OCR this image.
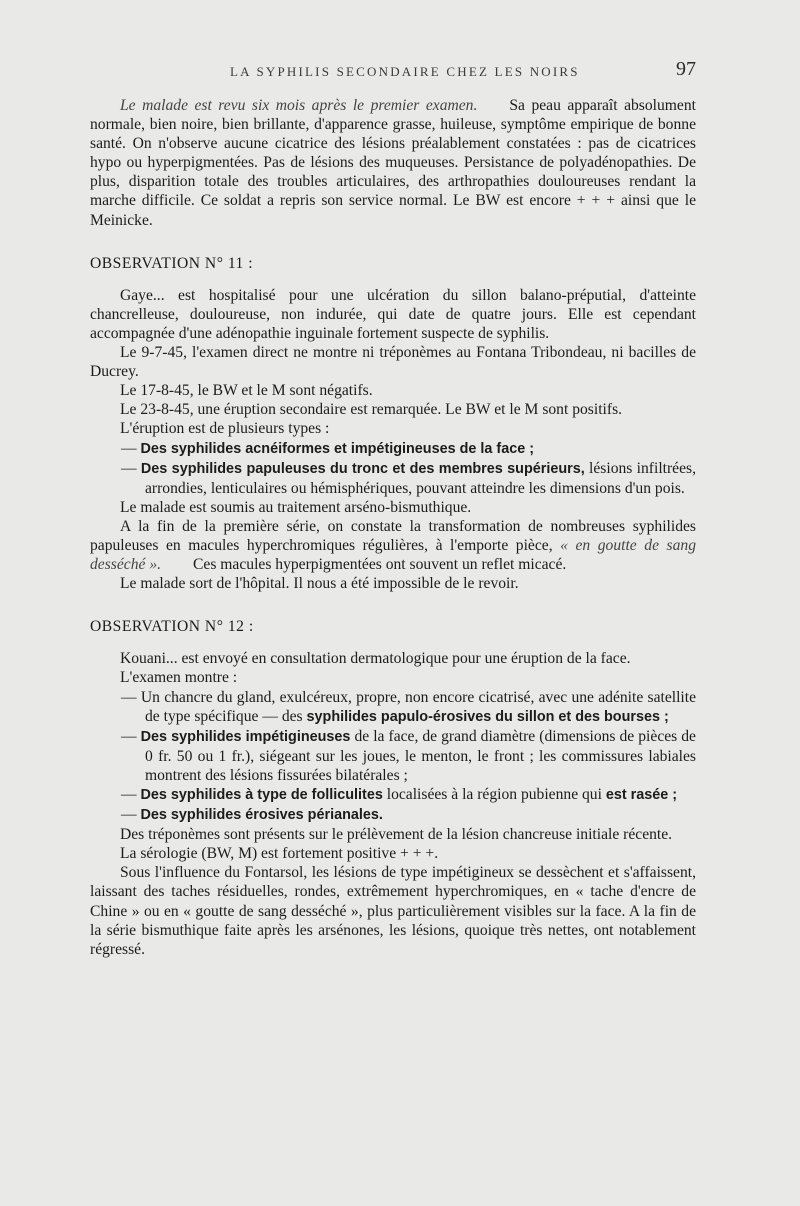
LA SYPHILIS SECONDAIRE CHEZ LES NOIRS	97

Le malade est revu six mois après le premier examen. Sa peau apparaît absolument normale, bien noire, bien brillante, d'apparence grasse, huileuse, symptôme empirique de bonne santé. On n'observe aucune cicatrice des lésions préalablement constatées : pas de cicatrices hypo ou hyperpigmentées. Pas de lésions des muqueuses. Persistance de polyadénopathies. De plus, disparition totale des troubles articulaires, des arthropathies douloureuses rendant la marche difficile. Ce soldat a repris son service normal. Le BW est encore + + + ainsi que le Meinicke.

OBSERVATION N° 11 :

Gaye... est hospitalisé pour une ulcération du sillon balano-préputial, d'atteinte chancrelleuse, douloureuse, non indurée, qui date de quatre jours. Elle est cependant accompagnée d'une adénopathie inguinale fortement suspecte de syphilis.

Le 9-7-45, l'examen direct ne montre ni tréponèmes au Fontana Tribondeau, ni bacilles de Ducrey.

Le 17-8-45, le BW et le M sont négatifs.

Le 23-8-45, une éruption secondaire est remarquée. Le BW et le M sont positifs.

L'éruption est de plusieurs types :

— Des syphilides acnéiformes et impétigineuses de la face ;

— Des syphilides papuleuses du tronc et des membres supérieurs, lésions infiltrées, arrondies, lenticulaires ou hémisphériques, pouvant atteindre les dimensions d'un pois.

Le malade est soumis au traitement arséno-bismuthique.

A la fin de la première série, on constate la transformation de nombreuses syphilides papuleuses en macules hyperchromiques régulières, à l'emporte pièce, « en goutte de sang desséché ». Ces macules hyperpigmentées ont souvent un reflet micacé.

Le malade sort de l'hôpital. Il nous a été impossible de le revoir.

OBSERVATION N° 12 :

Kouani... est envoyé en consultation dermatologique pour une éruption de la face.

L'examen montre :

— Un chancre du gland, exulcéreux, propre, non encore cicatrisé, avec une adénite satellite de type spécifique — des syphilides papulo-érosives du sillon et des bourses ;

— Des syphilides impétigineuses de la face, de grand diamètre (dimensions de pièces de 0 fr. 50 ou 1 fr.), siégeant sur les joues, le menton, le front ; les commissures labiales montrent des lésions fissurées bilatérales ;

— Des syphilides à type de folliculites localisées à la région pubienne qui est rasée ;

— Des syphilides érosives périanales.

Des tréponèmes sont présents sur le prélèvement de la lésion chancreuse initiale récente.

La sérologie (BW, M) est fortement positive + + +.

Sous l'influence du Fontarsol, les lésions de type impétigineux se dessèchent et s'affaissent, laissant des taches résiduelles, rondes, extrêmement hyperchromiques, en « tache d'encre de Chine » ou en « goutte de sang desséché », plus particulièrement visibles sur la face. A la fin de la série bismuthique faite après les arsénones, les lésions, quoique très nettes, ont notablement régressé.
